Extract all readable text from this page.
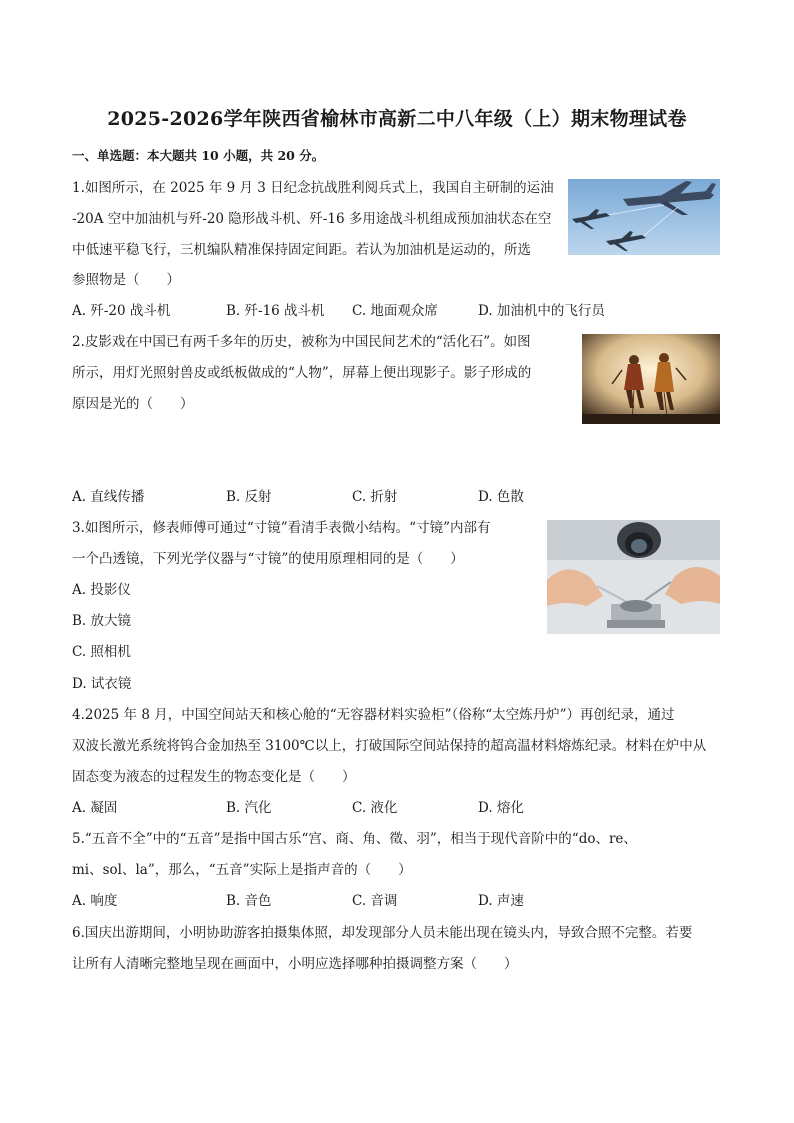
2025-2026学年陕西省榆林市高新二中八年级（上）期末物理试卷
一、单选题：本大题共 10 小题，共 20 分。
1.如图所示，在 2025 年 9 月 3 日纪念抗战胜利阅兵式上，我国自主研制的运油
-20A 空中加油机与歼-20 隐形战斗机、歼-16 多用途战斗机组成预加油状态在空
中低速平稳飞行，三机编队精准保持固定间距。若认为加油机是运动的，所选
参照物是（　　）
A. 歼-20 战斗机	B. 歼-16 战斗机 C. 地面观众席	D. 加油机中的飞行员
2.皮影戏在中国已有两千多年的历史，被称为中国民间艺术的“活化石”。如图
所示，用灯光照射兽皮或纸板做成的“人物”，屏幕上便出现影子。影子形成的
原因是光的（　　）
A. 直线传播	B. 反射	C. 折射	D. 色散
3.如图所示，修表师傅可通过“寸镜”看清手表微小结构。“寸镜”内部有
一个凸透镜，下列光学仪器与“寸镜”的使用原理相同的是（　　）
A. 投影仪
B. 放大镜
C. 照相机
D. 试衣镜
4.2025 年 8 月，中国空间站天和核心舱的“无容器材料实验柜”（俗称“太空炼丹炉”）再创纪录，通过
双波长激光系统将钨合金加热至 3100℃以上，打破国际空间站保持的超高温材料熔炼纪录。材料在炉中从
固态变为液态的过程发生的物态变化是（　　）
A. 凝固	B. 汽化	C. 液化	D. 熔化
5.“五音不全”中的“五音”是指中国古乐“宫、商、角、徵、羽”，相当于现代音阶中的“do、re、
mi、sol、la”，那么，“五音”实际上是指声音的（　　）
A. 响度	B. 音色	C. 音调	D. 声速
6.国庆出游期间，小明协助游客拍摄集体照，却发现部分人员未能出现在镜头内，导致合照不完整。若要
让所有人清晰完整地呈现在画面中，小明应选择哪种拍摄调整方案（　　）
